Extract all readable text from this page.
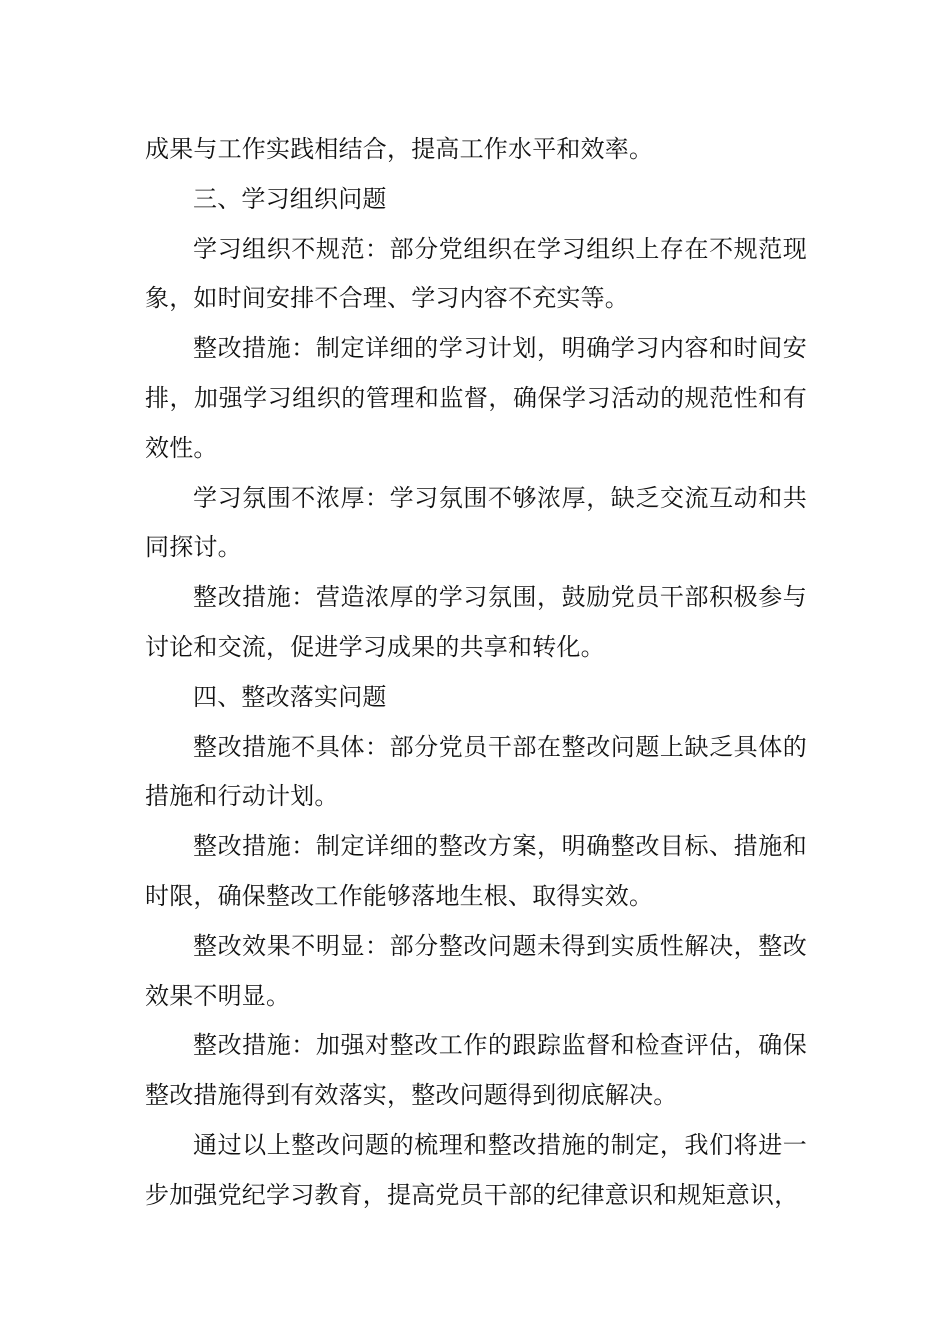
成果与工作实践相结合，提高工作水平和效率。

三、学习组织问题

学习组织不规范：部分党组织在学习组织上存在不规范现象，如时间安排不合理、学习内容不充实等。

整改措施：制定详细的学习计划，明确学习内容和时间安排，加强学习组织的管理和监督，确保学习活动的规范性和有效性。

学习氛围不浓厚：学习氛围不够浓厚，缺乏交流互动和共同探讨。

整改措施：营造浓厚的学习氛围，鼓励党员干部积极参与讨论和交流，促进学习成果的共享和转化。

四、整改落实问题

整改措施不具体：部分党员干部在整改问题上缺乏具体的措施和行动计划。

整改措施：制定详细的整改方案，明确整改目标、措施和时限，确保整改工作能够落地生根、取得实效。

整改效果不明显：部分整改问题未得到实质性解决，整改效果不明显。

整改措施：加强对整改工作的跟踪监督和检查评估，确保整改措施得到有效落实，整改问题得到彻底解决。

通过以上整改问题的梳理和整改措施的制定，我们将进一步加强党纪学习教育，提高党员干部的纪律意识和规矩意识，
